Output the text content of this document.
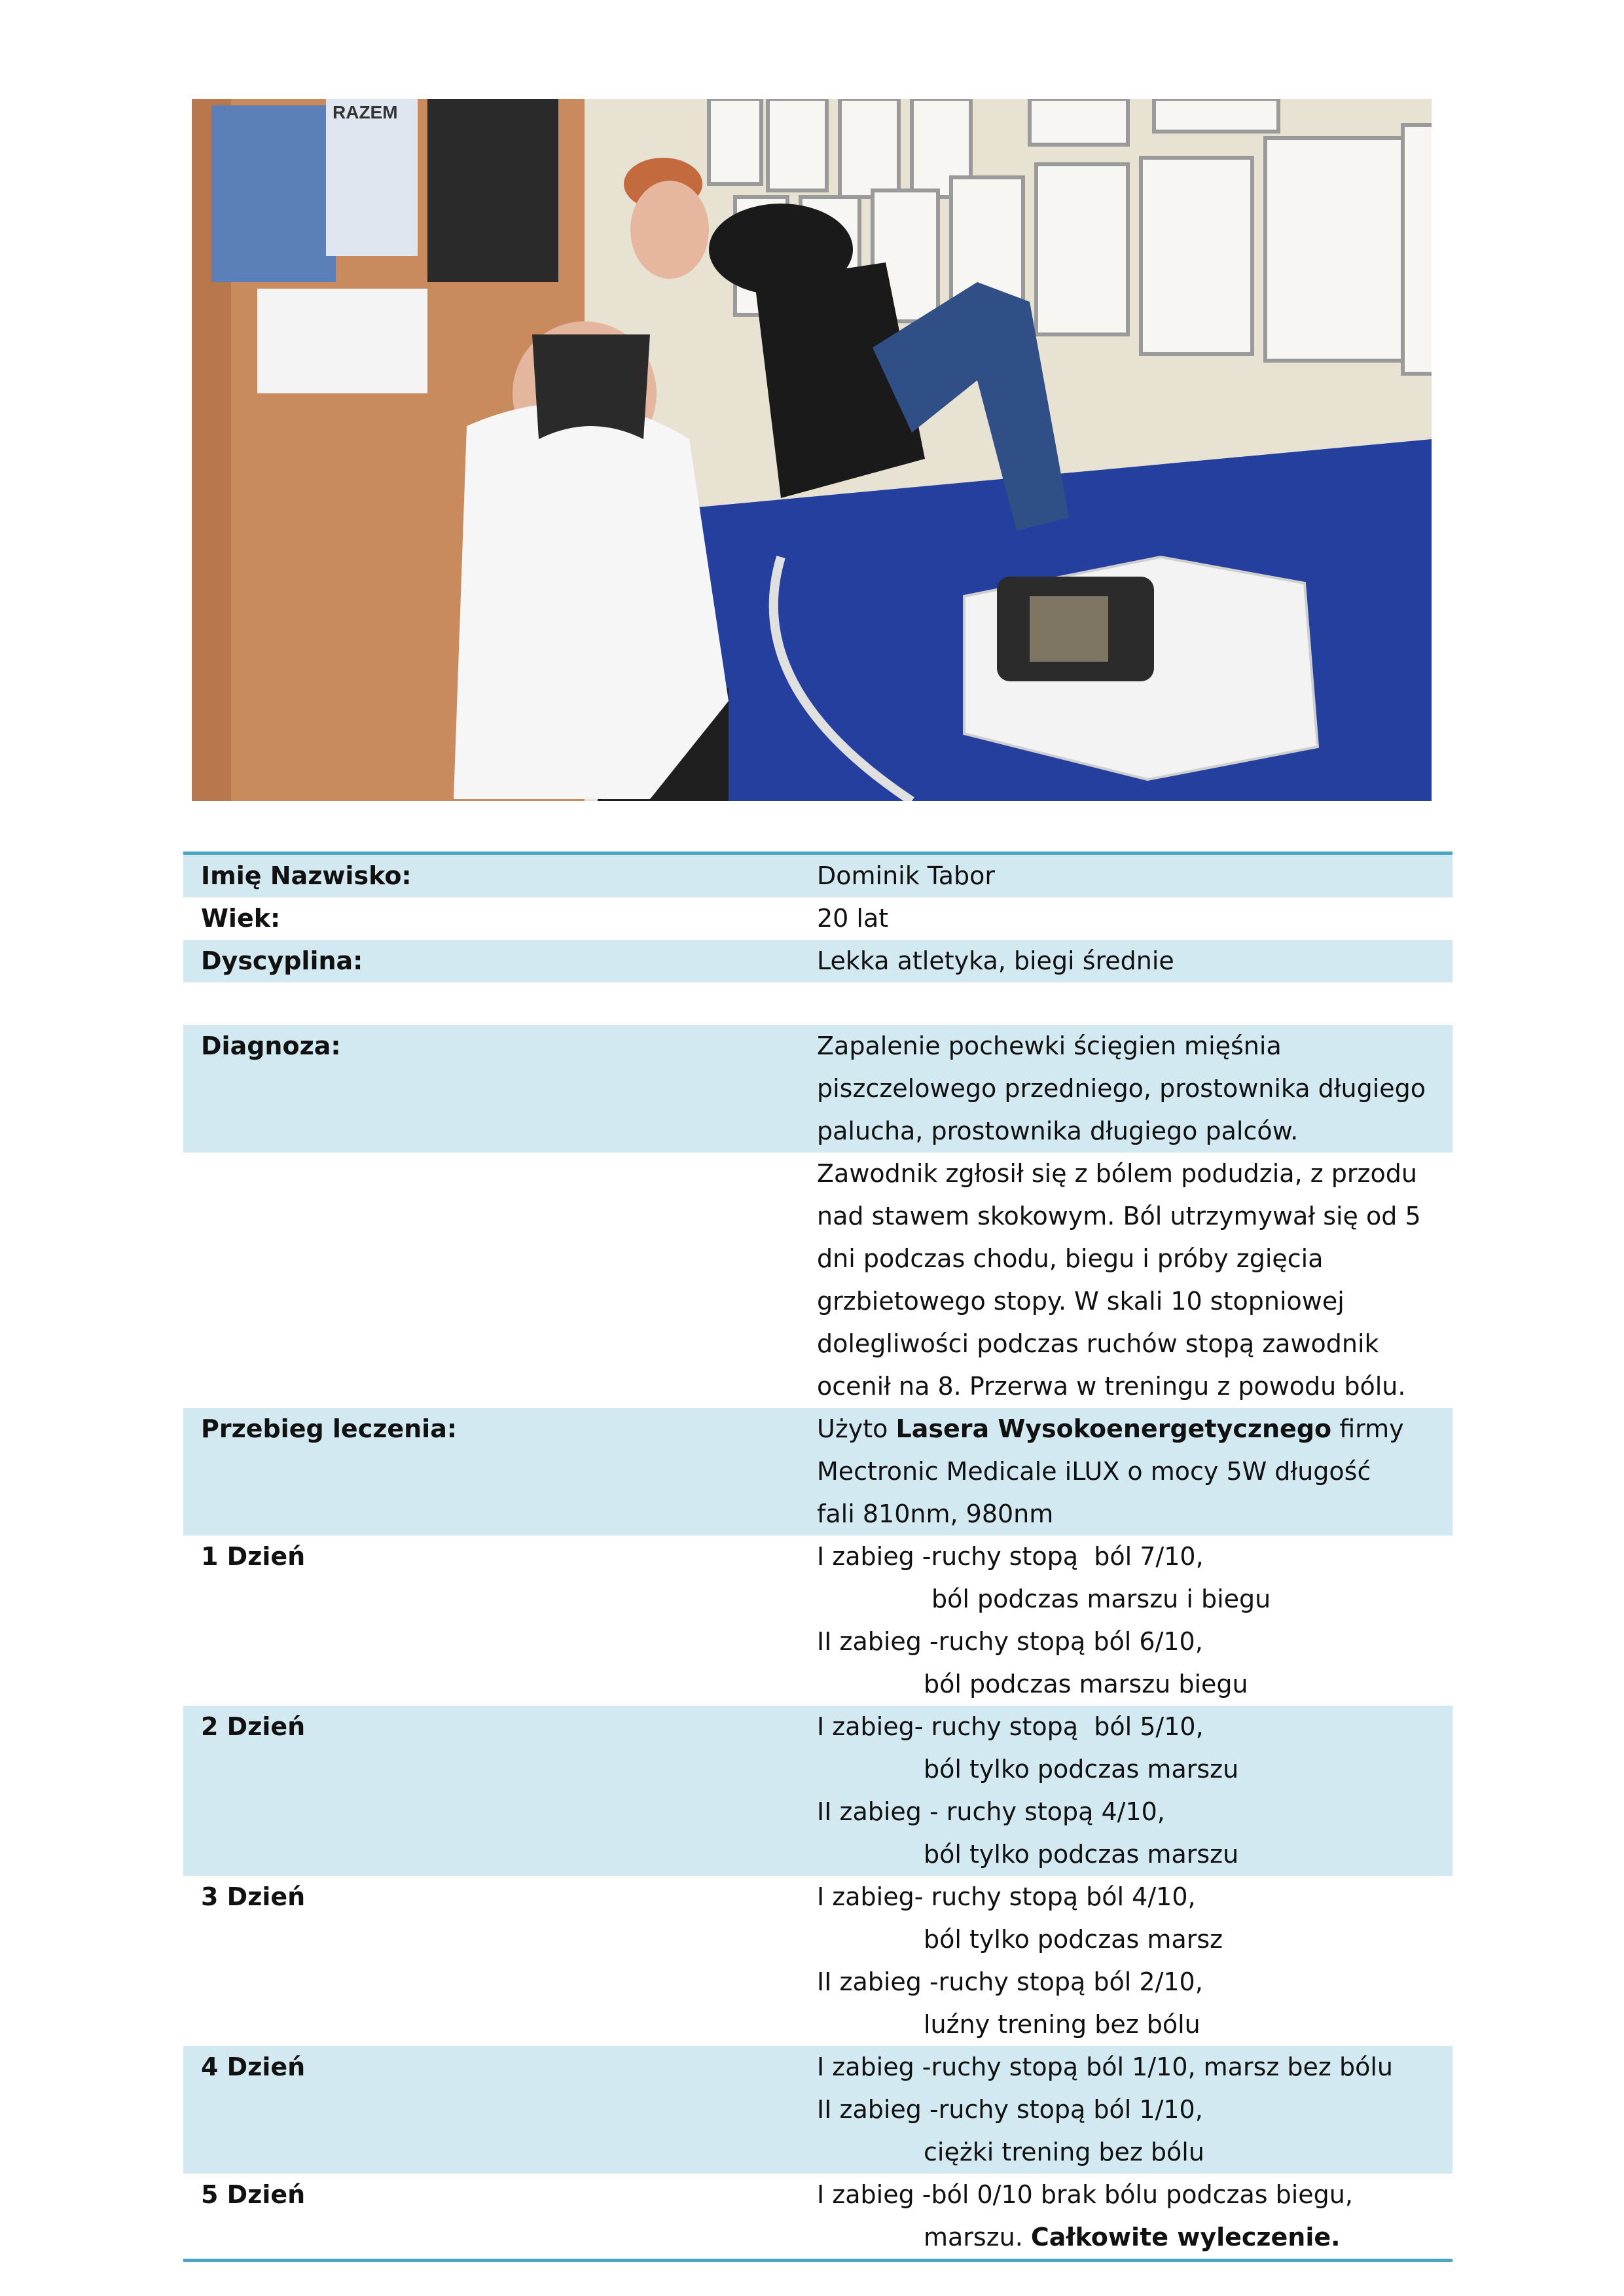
RAZEM
Imię Nazwisko:	Dominik Tabor
Wiek:	20 lat
Dyscyplina:	Lekka atletyka, biegi średnie

Diagnoza:	Zapalenie pochewki ścięgien mięśnia
piszczelowego przedniego, prostownika długiego
palucha, prostownika długiego palców.
Zawodnik zgłosił się z bólem podudzia, z przodu
nad stawem skokowym. Ból utrzymywał się od 5
dni podczas chodu, biegu i próby zgięcia
grzbietowego stopy. W skali 10 stopniowej
dolegliwości podczas ruchów stopą zawodnik
ocenił na 8. Przerwa w treningu z powodu bólu.
Przebieg leczenia:	Użyto Lasera Wysokoenergetycznego firmy
Mectronic Medicale iLUX o mocy 5W długość
fali 810nm, 980nm
1 Dzień	I zabieg -ruchy stopą  ból 7/10,
ból podczas marszu i biegu
II zabieg -ruchy stopą ból 6/10,
ból podczas marszu biegu
2 Dzień	I zabieg- ruchy stopą  ból 5/10,
ból tylko podczas marszu
II zabieg - ruchy stopą 4/10,
ból tylko podczas marszu
3 Dzień	I zabieg- ruchy stopą ból 4/10,
ból tylko podczas marsz
II zabieg -ruchy stopą ból 2/10,
luźny trening bez bólu
4 Dzień	I zabieg -ruchy stopą ból 1/10, marsz bez bólu
II zabieg -ruchy stopą ból 1/10,
ciężki trening bez bólu
5 Dzień	I zabieg -ból 0/10 brak bólu podczas biegu,
marszu. Całkowite wyleczenie.
